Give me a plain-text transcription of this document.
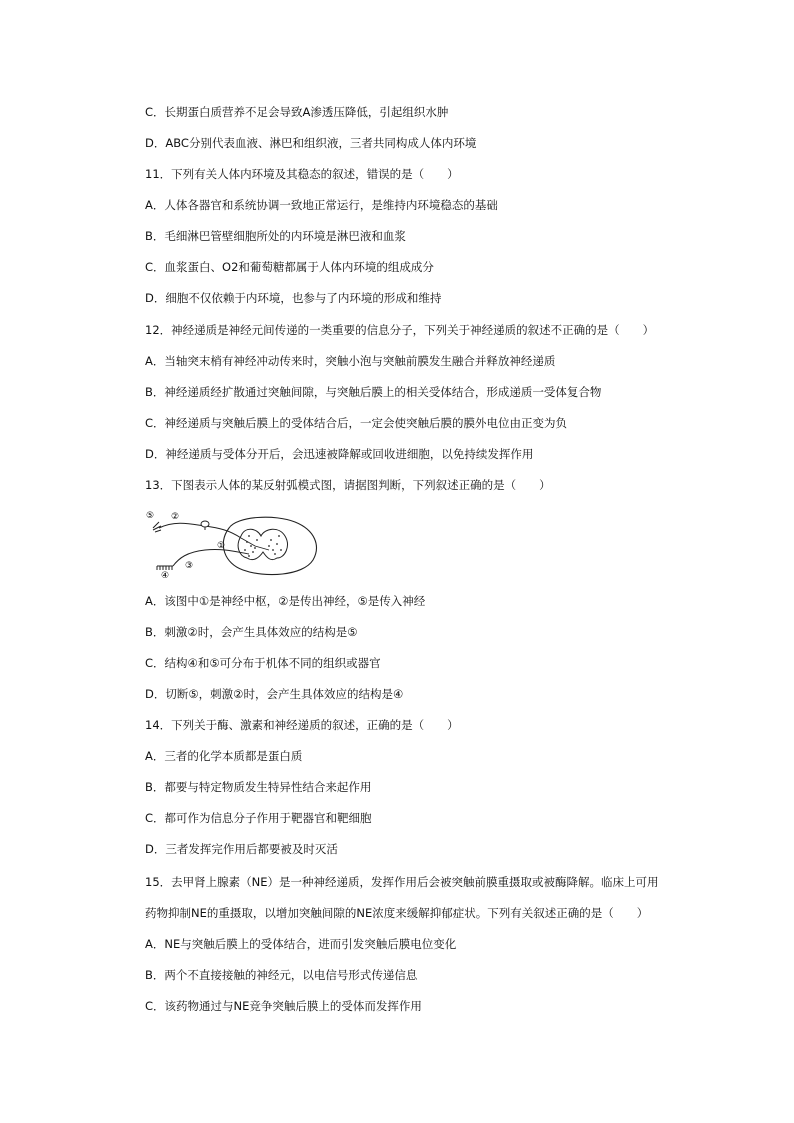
C．长期蛋白质营养不足会导致A渗透压降低，引起组织水肿
D．ABC分别代表血液、淋巴和组织液，三者共同构成人体内环境
11．下列有关人体内环境及其稳态的叙述，错误的是（　　）
A．人体各器官和系统协调一致地正常运行，是维持内环境稳态的基础
B．毛细淋巴管壁细胞所处的内环境是淋巴液和血浆
C．血浆蛋白、O2和葡萄糖都属于人体内环境的组成成分
D．细胞不仅依赖于内环境，也参与了内环境的形成和维持
12．神经递质是神经元间传递的一类重要的信息分子，下列关于神经递质的叙述不正确的是（　　）
A．当轴突末梢有神经冲动传来时，突触小泡与突触前膜发生融合并释放神经递质
B．神经递质经扩散通过突触间隙，与突触后膜上的相关受体结合，形成递质一受体复合物
C．神经递质与突触后膜上的受体结合后，一定会使突触后膜的膜外电位由正变为负
D．神经递质与受体分开后，会迅速被降解或回收进细胞，以免持续发挥作用
13．下图表示人体的某反射弧模式图，请据图判断，下列叙述正确的是（　　）
⑤ ②
①
③
④
A．该图中①是神经中枢，②是传出神经，⑤是传入神经
B．刺激②时，会产生具体效应的结构是⑤
C．结构④和⑤可分布于机体不同的组织或器官
D．切断⑤，刺激②时，会产生具体效应的结构是④
14．下列关于酶、激素和神经递质的叙述，正确的是（　　）
A．三者的化学本质都是蛋白质
B．都要与特定物质发生特异性结合来起作用
C．都可作为信息分子作用于靶器官和靶细胞
D．三者发挥完作用后都要被及时灭活
15．去甲肾上腺素（NE）是一种神经递质，发挥作用后会被突触前膜重摄取或被酶降解。临床上可用
药物抑制NE的重摄取，以增加突触间隙的NE浓度来缓解抑郁症状。下列有关叙述正确的是（　　）
A．NE与突触后膜上的受体结合，进而引发突触后膜电位变化
B．两个不直接接触的神经元，以电信号形式传递信息
C．该药物通过与NE竞争突触后膜上的受体而发挥作用
